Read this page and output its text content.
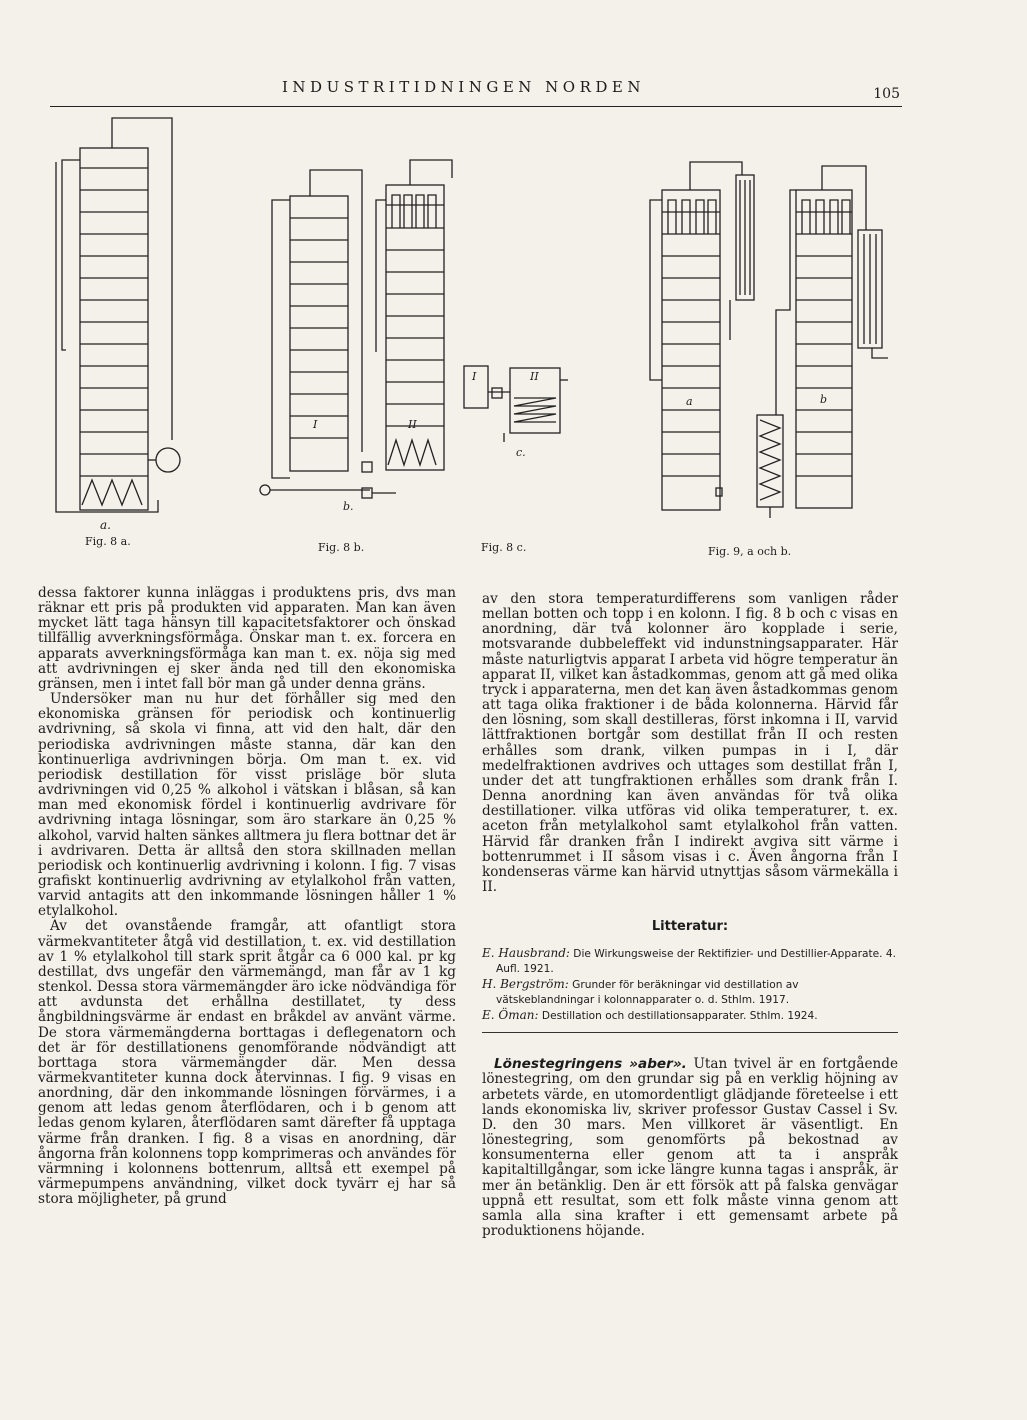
INDUSTRITIDNINGEN NORDEN	105
a.
I	II
b.
I	II
c.
a	b
Fig. 8 a.	Fig. 8 b.	Fig. 8 c.	Fig. 9, a och b.

dessa faktorer kunna inläggas i produktens pris, dvs man räknar ett pris på produkten vid apparaten. Man kan även mycket lätt taga hänsyn till kapacitetsfaktorer och önskad tillfällig avverkningsförmåga. Önskar man t. ex. forcera en apparats avverkningsförmåga kan man t. ex. nöja sig med att avdrivningen ej sker ända ned till den ekonomiska gränsen, men i intet fall bör man gå under denna gräns.

Undersöker man nu hur det förhåller sig med den ekonomiska gränsen för periodisk och kontinuerlig avdrivning, så skola vi finna, att vid den halt, där den periodiska avdrivningen måste stanna, där kan den kontinuerliga avdrivningen börja. Om man t. ex. vid periodisk destillation för visst prisläge bör sluta avdrivningen vid 0,25 % alkohol i vätskan i blåsan, så kan man med ekonomisk fördel i kontinuerlig avdrivare för avdrivning intaga lösningar, som äro starkare än 0,25 % alkohol, varvid halten sänkes alltmera ju flera bottnar det är i avdrivaren. Detta är alltså den stora skillnaden mellan periodisk och kontinuerlig avdrivning i kolonn. I fig. 7 visas grafiskt kontinuerlig avdrivning av etylalkohol från vatten, varvid antagits att den inkommande lösningen håller 1 % etylalkohol.

Av det ovanstående framgår, att ofantligt stora värmekvantiteter åtgå vid destillation, t. ex. vid destillation av 1 % etylalkohol till stark sprit åtgår ca 6 000 kal. pr kg destillat, dvs ungefär den värmemängd, man får av 1 kg stenkol. Dessa stora värmemängder äro icke nödvändiga för att avdunsta det erhållna destillatet, ty dess ångbildningsvärme är endast en bråkdel av använt värme. De stora värmemängderna borttagas i deflegenatorn och det är för destillationens genomförande nödvändigt att borttaga stora värmemängder där. Men dessa värmekvantiteter kunna dock återvinnas. I fig. 9 visas en anordning, där den inkommande lösningen förvärmes, i a genom att ledas genom återflödaren, och i b genom att ledas genom kylaren, återflödaren samt därefter få upptaga värme från dranken. I fig. 8 a visas en anordning, där ångorna från kolonnens topp komprimeras och användes för värmning i kolonnens bottenrum, alltså ett exempel på värmepumpens användning, vilket dock tyvärr ej har så stora möjligheter, på grund

av den stora temperaturdifferens som vanligen råder mellan botten och topp i en kolonn. I fig. 8 b och c visas en anordning, där två kolonner äro kopplade i serie, motsvarande dubbeleffekt vid indunstningsapparater. Här måste naturligtvis apparat I arbeta vid högre temperatur än apparat II, vilket kan åstadkommas, genom att gå med olika tryck i apparaterna, men det kan även åstadkommas genom att taga olika fraktioner i de båda kolonnerna. Härvid får den lösning, som skall destilleras, först inkomna i II, varvid lättfraktionen bortgår som destillat från II och resten erhålles som drank, vilken pumpas in i I, där medelfraktionen avdrives och uttages som destillat från I, under det att tungfraktionen erhålles som drank från I. Denna anordning kan även användas för två olika destillationer. vilka utföras vid olika temperaturer, t. ex. aceton från metylalkohol samt etylalkohol från vatten. Härvid får dranken från I indirekt avgiva sitt värme i bottenrummet i II såsom visas i c. Även ångorna från I kondenseras värme kan härvid utnyttjas såsom värmekälla i II.

Litteratur:

E. Hausbrand: Die Wirkungsweise der Rektifizier- und Destillier-Apparate. 4. Aufl. 1921.

H. Bergström: Grunder för beräkningar vid destillation av vätskeblandningar i kolonnapparater o. d. Sthlm. 1917.

E. Öman: Destillation och destillationsapparater. Sthlm. 1924.

Lönestegringens »aber». Utan tvivel är en fortgående lönestegring, om den grundar sig på en verklig höjning av arbetets värde, en utomordentligt glädjande företeelse i ett lands ekonomiska liv, skriver professor Gustav Cassel i Sv. D. den 30 mars. Men villkoret är väsentligt. En lönestegring, som genomförts på bekostnad av konsumenterna eller genom att ta i anspråk kapitaltillgångar, som icke längre kunna tagas i anspråk, är mer än betänklig. Den är ett försök att på falska genvägar uppnå ett resultat, som ett folk måste vinna genom att samla alla sina krafter i ett gemensamt arbete på produktionens höjande.
